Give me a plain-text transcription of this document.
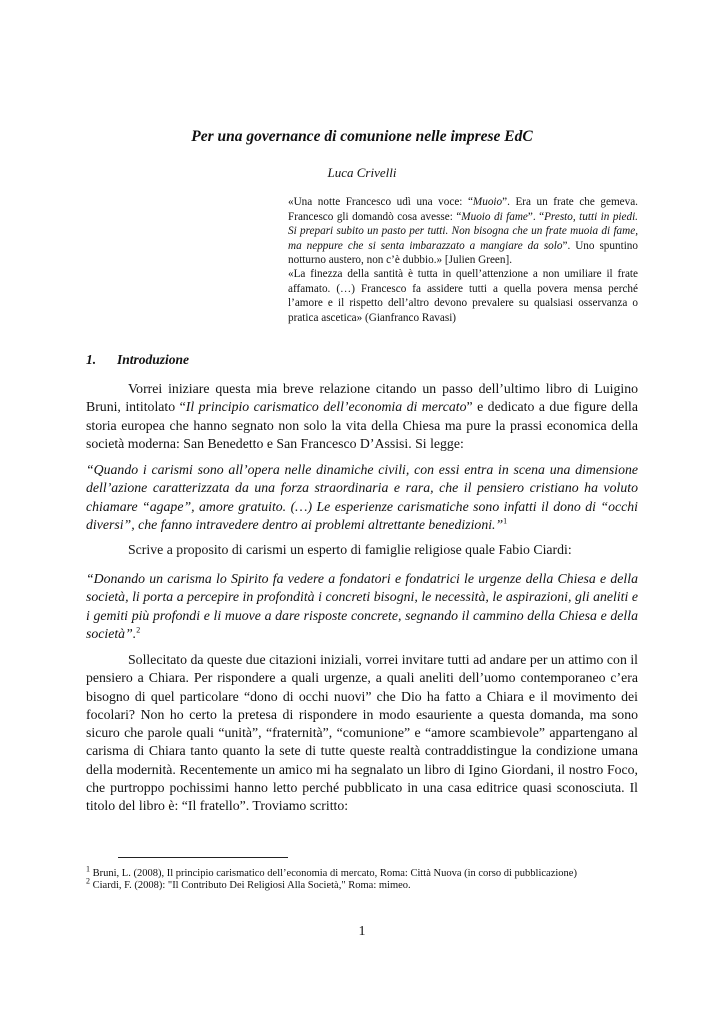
Per una governance di comunione nelle imprese EdC
Luca Crivelli
«Una notte Francesco udì una voce: “Muoio”. Era un frate che gemeva. Francesco gli domandò cosa avesse: “Muoio di fame”. “Presto, tutti in piedi. Si prepari subito un pasto per tutti. Non bisogna che un frate muoia di fame, ma neppure che si senta imbarazzato a mangiare da solo”. Uno spuntino notturno austero, non c’è dubbio.» [Julien Green].
«La finezza della santità è tutta in quell’attenzione a non umiliare il frate affamato. (…) Francesco fa assidere tutti a quella povera mensa perché l’amore e il rispetto dell’altro devono prevalere su qualsiasi osservanza o pratica ascetica» (Gianfranco Ravasi)
1. Introduzione

Vorrei iniziare questa mia breve relazione citando un passo dell’ultimo libro di Luigino Bruni, intitolato “Il principio carismatico dell’economia di mercato” e dedicato a due figure della storia europea che hanno segnato non solo la vita della Chiesa ma pure la prassi economica della società moderna: San Benedetto e San Francesco D’Assisi. Si legge:

“Quando i carismi sono all’opera nelle dinamiche civili, con essi entra in scena una dimensione dell’azione caratterizzata da una forza straordinaria e rara, che il pensiero cristiano ha voluto chiamare “agape”, amore gratuito. (…) Le esperienze carismatiche sono infatti il dono di “occhi diversi”, che fanno intravedere dentro ai problemi altrettante benedizioni.”$^1$

Scrive a proposito di carismi un esperto di famiglie religiose quale Fabio Ciardi:

“Donando un carisma lo Spirito fa vedere a fondatori e fondatrici le urgenze della Chiesa e della società, li porta a percepire in profondità i concreti bisogni, le necessità, le aspirazioni, gli aneliti e i gemiti più profondi e li muove a dare risposte concrete, segnando il cammino della Chiesa e della società”.$^2$

Sollecitato da queste due citazioni iniziali, vorrei invitare tutti ad andare per un attimo con il pensiero a Chiara. Per rispondere a quali urgenze, a quali aneliti dell’uomo contemporaneo c’era bisogno di quel particolare “dono di occhi nuovi” che Dio ha fatto a Chiara e il movimento dei focolari? Non ho certo la pretesa di rispondere in modo esauriente a questa domanda, ma sono sicuro che parole quali “unità”, “fraternità”, “comunione” e “amore scambievole” appartengano al carisma di Chiara tanto quanto la sete di tutte queste realtà contraddistingue la condizione umana della modernità. Recentemente un amico mi ha segnalato un libro di Igino Giordani, il nostro Foco, che purtroppo pochissimi hanno letto perché pubblicato in una casa editrice quasi sconosciuta. Il titolo del libro è: “Il fratello”. Troviamo scritto:

$^1$ Bruni, L. (2008), Il principio carismatico dell’economia di mercato, Roma: Città Nuova (in corso di pubblicazione)
$^2$ Ciardi, F. (2008): "Il Contributo Dei Religiosi Alla Società," Roma: mimeo.
1
